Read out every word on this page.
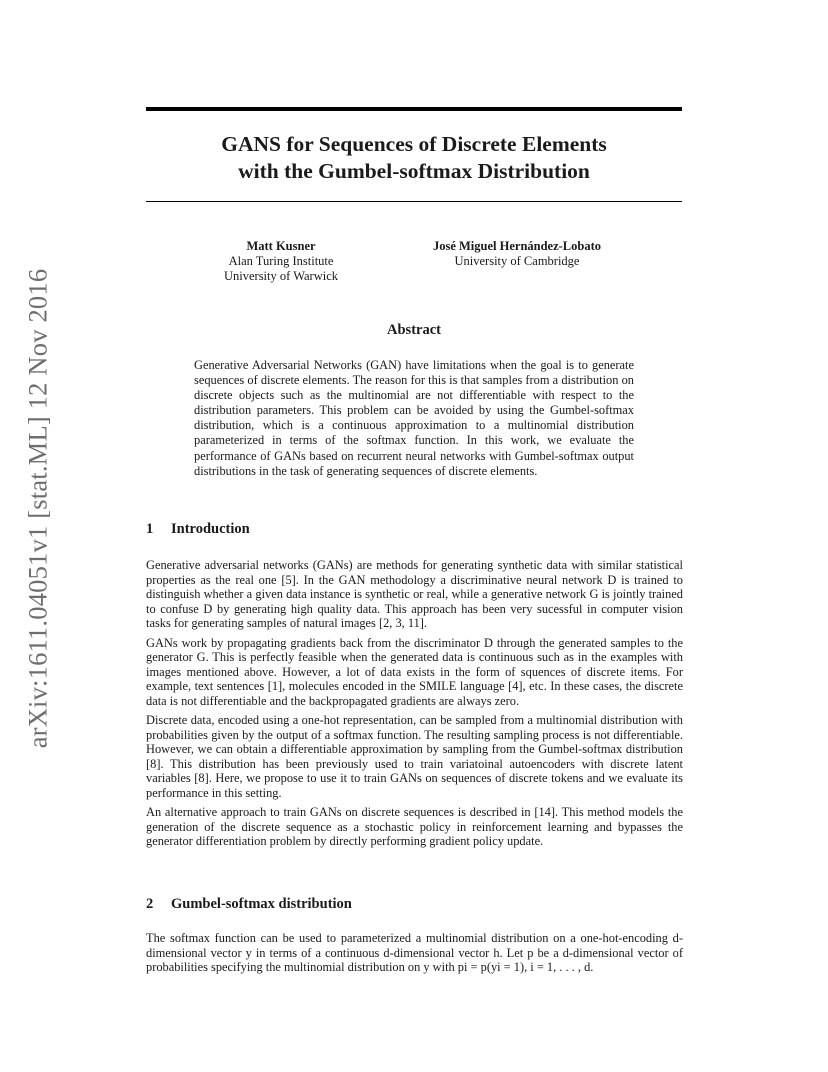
arXiv:1611.04051v1 [stat.ML] 12 Nov 2016
GANS for Sequences of Discrete Elements
with the Gumbel-softmax Distribution
Matt Kusner
Alan Turing Institute
University of Warwick
José Miguel Hernández-Lobato
University of Cambridge
Abstract

Generative Adversarial Networks (GAN) have limitations when the goal is to generate sequences of discrete elements. The reason for this is that samples from a distribution on discrete objects such as the multinomial are not differentiable with respect to the distribution parameters. This problem can be avoided by using the Gumbel-softmax distribution, which is a continuous approximation to a multinomial distribution parameterized in terms of the softmax function. In this work, we evaluate the performance of GANs based on recurrent neural networks with Gumbel-softmax output distributions in the task of generating sequences of discrete elements.

1 Introduction

Generative adversarial networks (GANs) are methods for generating synthetic data with similar statistical properties as the real one [5]. In the GAN methodology a discriminative neural network D is trained to distinguish whether a given data instance is synthetic or real, while a generative network G is jointly trained to confuse D by generating high quality data. This approach has been very sucessful in computer vision tasks for generating samples of natural images [2, 3, 11].

GANs work by propagating gradients back from the discriminator D through the generated samples to the generator G. This is perfectly feasible when the generated data is continuous such as in the examples with images mentioned above. However, a lot of data exists in the form of squences of discrete items. For example, text sentences [1], molecules encoded in the SMILE language [4], etc. In these cases, the discrete data is not differentiable and the backpropagated gradients are always zero.

Discrete data, encoded using a one-hot representation, can be sampled from a multinomial distribution with probabilities given by the output of a softmax function. The resulting sampling process is not differentiable. However, we can obtain a differentiable approximation by sampling from the Gumbel-softmax distribution [8]. This distribution has been previously used to train variatoinal autoencoders with discrete latent variables [8]. Here, we propose to use it to train GANs on sequences of discrete tokens and we evaluate its performance in this setting.

An alternative approach to train GANs on discrete sequences is described in [14]. This method models the generation of the discrete sequence as a stochastic policy in reinforcement learning and bypasses the generator differentiation problem by directly performing gradient policy update.

2 Gumbel-softmax distribution

The softmax function can be used to parameterized a multinomial distribution on a one-hot-encoding d-dimensional vector y in terms of a continuous d-dimensional vector h. Let p be a d-dimensional vector of probabilities specifying the multinomial distribution on y with pi = p(yi = 1), i = 1, . . . , d.
